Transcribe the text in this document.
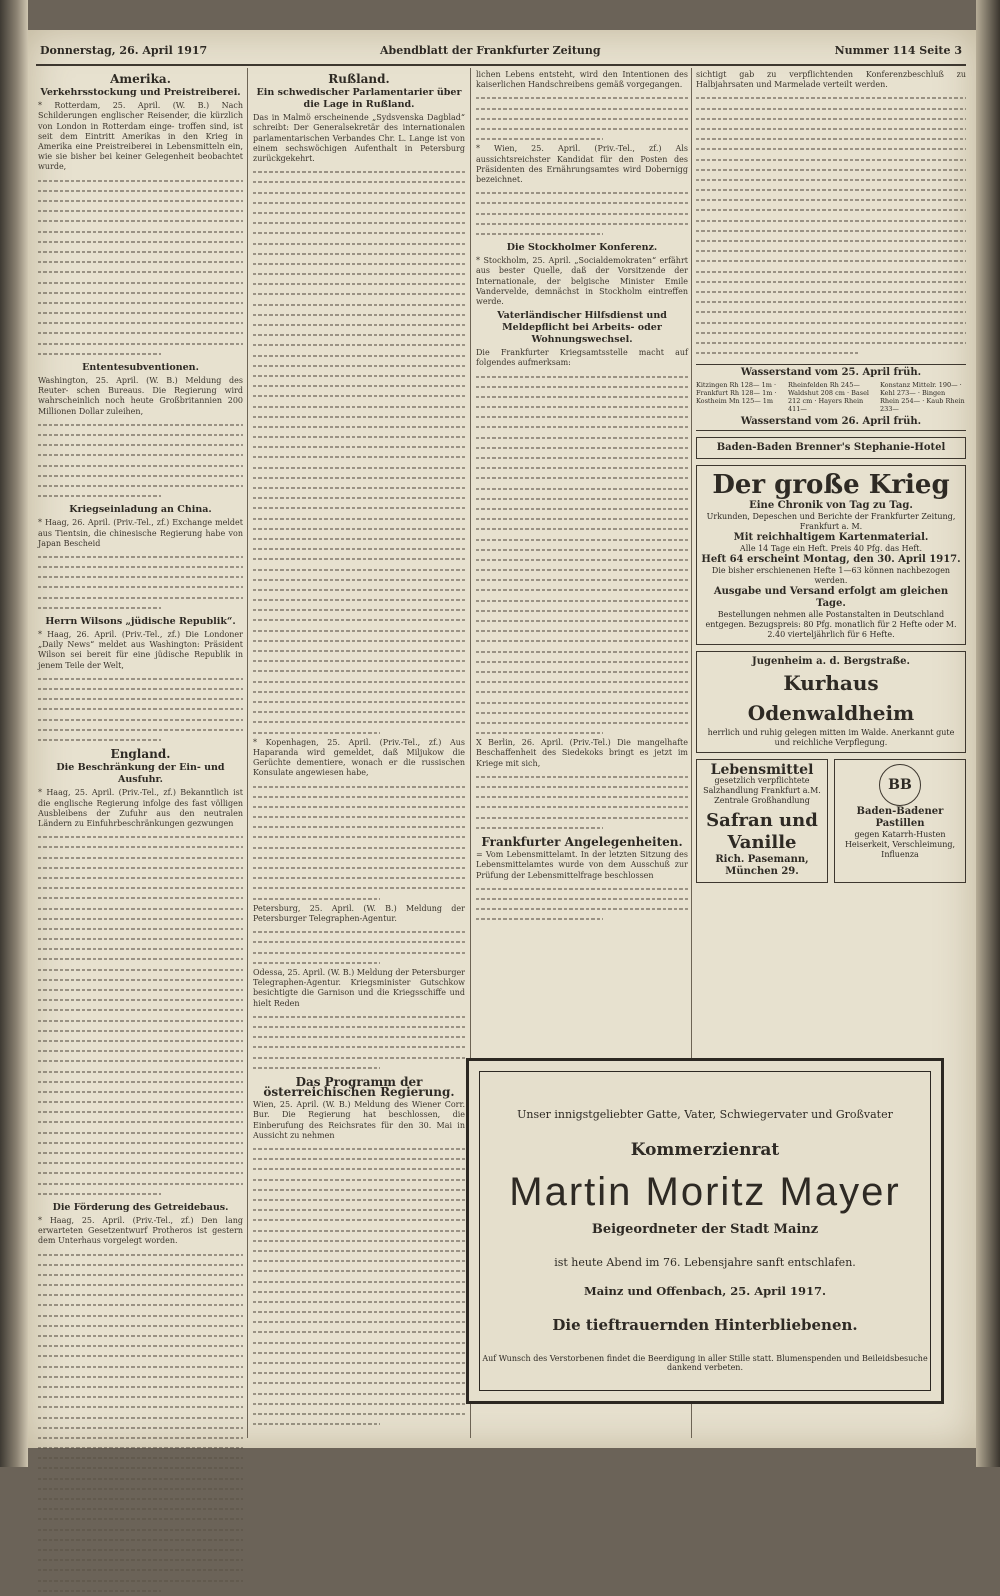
Donnerstag, 26. April 1917	Abendblatt der Frankfurter Zeitung	Nummer 114 Seite 3
Amerika.
Verkehrsstockung und Preistreiberei.

* Rotterdam, 25. April. (W. B.) Nach Schilderungen englischer Reisender, die kürzlich von London in Rotterdam einge- troffen sind, ist seit dem Eintritt Amerikas in den Krieg in Amerika eine Preistreiberei in Lebensmitteln ein, wie sie bisher bei keiner Gelegenheit beobachtet wurde,

Ententesubventionen.

Washington, 25. April. (W. B.) Meldung des Reuter- schen Bureaus. Die Regierung wird wahrscheinlich noch heute Großbritannien 200 Millionen Dollar zuleihen,

Kriegseinladung an China.

* Haag, 26. April. (Priv.-Tel., zf.) Exchange meldet aus Tientsin, die chinesische Regierung habe von Japan Bescheid

Herrn Wilsons „jüdische Republik“.

* Haag, 26. April. (Priv.-Tel., zf.) Die Londoner „Daily News“ meldet aus Washington: Präsident Wilson sei bereit für eine jüdische Republik in jenem Teile der Welt,

England.
Die Beschränkung der Ein- und Ausfuhr.

* Haag, 25. April. (Priv.-Tel., zf.) Bekanntlich ist die englische Regierung infolge des fast völligen Ausbleibens der Zufuhr aus den neutralen Ländern zu Einfuhrbeschränkungen gezwungen

Die Förderung des Getreidebaus.

* Haag, 25. April. (Priv.-Tel., zf.) Den lang erwarteten Gesetzentwurf Protheros ist gestern dem Unterhaus vorgelegt worden.

Rußland.
Ein schwedischer Parlamentarier über die Lage in Rußland.

Das in Malmö erscheinende „Sydsvenska Dagblad“ schreibt: Der Generalsekretär des internationalen parlamentarischen Verbandes Chr. L. Lange ist von einem sechswöchigen Aufenthalt in Petersburg zurückgekehrt.

* Kopenhagen, 25. April. (Priv.-Tel., zf.) Aus Haparanda wird gemeldet, daß Miljukow die Gerüchte dementiere, wonach er die russischen Konsulate angewiesen habe,

Petersburg, 25. April. (W. B.) Meldung der Petersburger Telegraphen-Agentur.

Odessa, 25. April. (W. B.) Meldung der Petersburger Telegraphen-Agentur. Kriegsminister Gutschkow besichtigte die Garnison und die Kriegsschiffe und hielt Reden

Das Programm der österreichischen Regierung.

Wien, 25. April. (W. B.) Meldung des Wiener Corr. Bur. Die Regierung hat beschlossen, die Einberufung des Reichsrates für den 30. Mai in Aussicht zu nehmen

lichen Lebens entsteht, wird den Intentionen des kaiserlichen Handschreibens gemäß vorgegangen.

* Wien, 25. April. (Priv.-Tel., zf.) Als aussichtsreichster Kandidat für den Posten des Präsidenten des Ernährungsamtes wird Dobernigg bezeichnet.

Die Stockholmer Konferenz.

* Stockholm, 25. April. „Socialdemokraten“ erfährt aus bester Quelle, daß der Vorsitzende der Internationale, der belgische Minister Emile Vandervelde, demnächst in Stockholm eintreffen werde.

Vaterländischer Hilfsdienst und Meldepflicht bei Arbeits- oder Wohnungswechsel.

Die Frankfurter Kriegsamtsstelle macht auf folgendes aufmerksam:

X Berlin, 26. April. (Priv.-Tel.) Die mangelhafte Beschaffenheit des Siedekoks bringt es jetzt im Kriege mit sich,

Frankfurter Angelegenheiten.

= Vom Lebensmittelamt. In der letzten Sitzung des Lebensmittelamtes wurde von dem Ausschuß zur Prüfung der Lebensmittelfrage beschlossen

sichtigt gab zu verpflichtenden Konferenzbeschluß zu Halbjahrsaten und Marmelade verteilt werden.

Wasserstand vom 25. April früh.
Kitzingen Rh 128— 1m · Frankfurt Rh 128— 1m · Kostheim Mn 125— 1m
Rheinfelden Rh 245— Waldshut 208 cm · Basel 212 cm · Hayers Rhein 411—
Konstanz Mittelr. 190— · Kehl 273— · Bingen Rhein 254— · Kaub Rhein 233—
Wasserstand vom 26. April früh.
Baden-Baden Brenner's Stephanie-Hotel
Der große Krieg
Eine Chronik von Tag zu Tag.
Urkunden, Depeschen und Berichte der Frankfurter Zeitung, Frankfurt a. M.
Mit reichhaltigem Kartenmaterial.
Alle 14 Tage ein Heft. Preis 40 Pfg. das Heft.
Heft 64 erscheint Montag, den 30. April 1917.
Die bisher erschienenen Hefte 1—63 können nachbezogen werden.
Ausgabe und Versand erfolgt am gleichen Tage.
Bestellungen nehmen alle Postanstalten in Deutschland entgegen. Bezugspreis: 80 Pfg. monatlich für 2 Hefte oder M. 2.40 vierteljährlich für 6 Hefte.
Jugenheim a. d. Bergstraße.
Kurhaus Odenwaldheim
herrlich und ruhig gelegen mitten im Walde. Anerkannt gute und reichliche Verpflegung.
Lebensmittel
gesetzlich verpflichtete Salzhandlung Frankfurt a.M. Zentrale Großhandlung
Safran und Vanille
Rich. Pasemann, München 29.
BB
Baden-Badener Pastillen
gegen Katarrh-Husten Heiserkeit, Verschleimung, Influenza
Unser innigstgeliebter Gatte, Vater, Schwiegervater und Großvater
Kommerzienrat
Martin Moritz Mayer
Beigeordneter der Stadt Mainz
ist heute Abend im 76. Lebensjahre sanft entschlafen.
Mainz und Offenbach, 25. April 1917.
Die tieftrauernden Hinterbliebenen.
Auf Wunsch des Verstorbenen findet die Beerdigung in aller Stille statt. Blumenspenden und Beileidsbesuche dankend verbeten.
